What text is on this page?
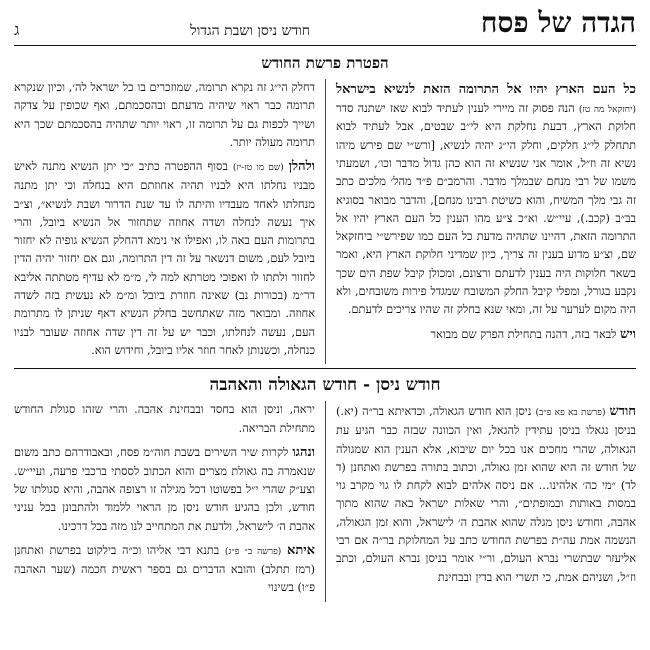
הגדה של פסח
חודש ניסן ושבת הגדול
ג
הפטרת פרשת החודש

כל העם הארץ יהיו אל התרומה הזאת לנשיא בישראל (יחזקאל מה טז) הנה פסוק זה מיירי לענין לעתיד לבוא שאז ישתנה סדר חלוקת הארץ, דבעת נחלקת היא לי״ב שבטים, אבל לעתיד לבוא תתחלק לי״ג חלקים, וחלק הי״ג יהיה לנשיא, [ורש״י שם פירש מיהו נשיא זה וז״ל, אומר אני שנשיא זה הוא כהן גדול מדבר וכו׳, ושמעתי משמו של רבי מנחם שבמלך מדבר. והרמב״ם פ״ד מהל׳ מלכים כתב זה גבי מלך המשיח, והוא כשיטת רבינו מנחם], והדבר מבואר בסוגיא בב״ב (קכב.), עיי״ש. וא״כ צ״ע מהו הענין כל העם הארץ יהיו אל התרומה הזאת, דהיינו שתהיה מדעת כל העם כמו שפירש״י ביחזקאל שם, וצ״ע מדוע בענין זה צריך, כיון שמדיני חלוקת הארץ היא, ואמר בשאר חלוקות היה בענין לדעתם ורצונם, ומכולן קיבל שפת הים שכך נקבע בגורל, ומפלי קיבל החלק המשובח שמגדל פירות משובחים, ולא היה מקום לערער על זה, ומאי שנא בחלק זה שהיו צריכים לדעתם.

ויש לבאר בזה, דהנה בתחילת הפרק שם מבואר

דחלק הי״ג זה נקרא תרומה, שמוזכרים בו כל ישראל לה׳, וכיון שנקרא תרומה כבר ראוי שיהיה מדעתם ובהסכמתם, ואף שכופין על צדקה ושייך לכפות גם על תרומה זו, ראוי יותר שתהיה בהסכמתם שכך היא תרומה מעולה יותר.

ולהלן (שם מו טז-יז) בסוף ההפטרה כתיב ״כי יתן הנשיא מתנה לאיש מבניו נחלתו היא לבניו תהיה אחוזתם היא בנחלה וכי יתן מתנה מנחלתו לאחד מעבדיו והיתה לו עד שנת הדרור ושבת לנשיא״, וצ״ב איך נעשה לנחלה ושדה אחוזה שתחזור אל הנשיא ביובל, והרי בתרומות העם באה לו, ואפילו אי נימא דהחלק הנשיא גופיה לא יחזור ביובל לעם, משום דנשאר על זה דין התרומה, וגם אם יחזור יהיה הדין לחזור ולתתו לו ואפוכי מטרתא למה לי, מ״מ לא עדיף מטתתה אליבא דר״מ (בכורות נב) שאינה חוזרת ביובל ומ״מ לא נעשית בזה לשדה אחוזה. ומבואר מזה שאתחשב בחלק הנשיא דאף שניתן לו מתרומת העם, נעשה לנחלתו, וכבר יש על זה דין שדה אחוזה שעובר לבניו כנחלה, וכשנותן לאחר חוזר אליו ביובל, וחידוש הוא.

חודש ניסן - חודש הגאולה והאהבה

חודש (פרשת בא פא פ״ב) ניסן הוא חודש הגאולה, וכדאיתא בר״ה (יא.) בניסן נגאלו בניסן עתידין להגאל, ואין הכוונה שבזה כבר הגיע עת הגאולה, שהרי מחכים אנו בכל יום שיבוא, אלא הענין הוא שמגולה של חודש זה היא שהוא זמן גאולה, וכתוב בתורה בפרשת ואתחנן (ד לד) ״מי כה׳ אלהינו... אם ניסה אלהים לבוא לקחת לו גוי מקרב גוי במסות באותות ובמופתים״, והרי שאלות ישראל באה שהוא מתוך אהבה, וחודש ניסן מגלה שהוא אהבת ה׳ לישראל, והוא זמן הגאולה, הנשמה אמת עה״ת בפרשת החודש כתב על המחלוקת בר״ה אם רבי אליעזר שבתשרי נברא העולם, ור״י אומר בניסן נברא העולם, וכתב וז״ל, ושניהם אמת, כי תשרי הוא בדין ובבחינת

יראה, וניסן הוא בחסד ובבחינת אהבה. והרי שזהו סגולת החודש מתחילת הבריאה.

ונהגו לקרות שיר השירים בשבת חוה״מ פסח, ובאבודרהם כתב משום שנאמרה בה גאולת מצרים והוא הכתוב לססתי ברכבי פרעה, ועיי״ש. וצע״ק שהרי י״ל בפשוטו דכל מגילה זו רצופה אהבה, והיא סגולתו של חודש, ולכן בהגיע חודש ניסן מן הראוי ללמוד ולהתבונן בכל עניני אהבת ה׳ לישראל, ולדעת את המתחייב לנו מזה בכל דרכינו.

איתא (פרשה ב״ פ״ג) בתנא דבי אליהו וכ״ה בילקוט בפרשת ואתחנן (רמז תתלב) והובא הדברים גם בספר ראשית חכמה (שער האהבה פ״ו) בשינוי
